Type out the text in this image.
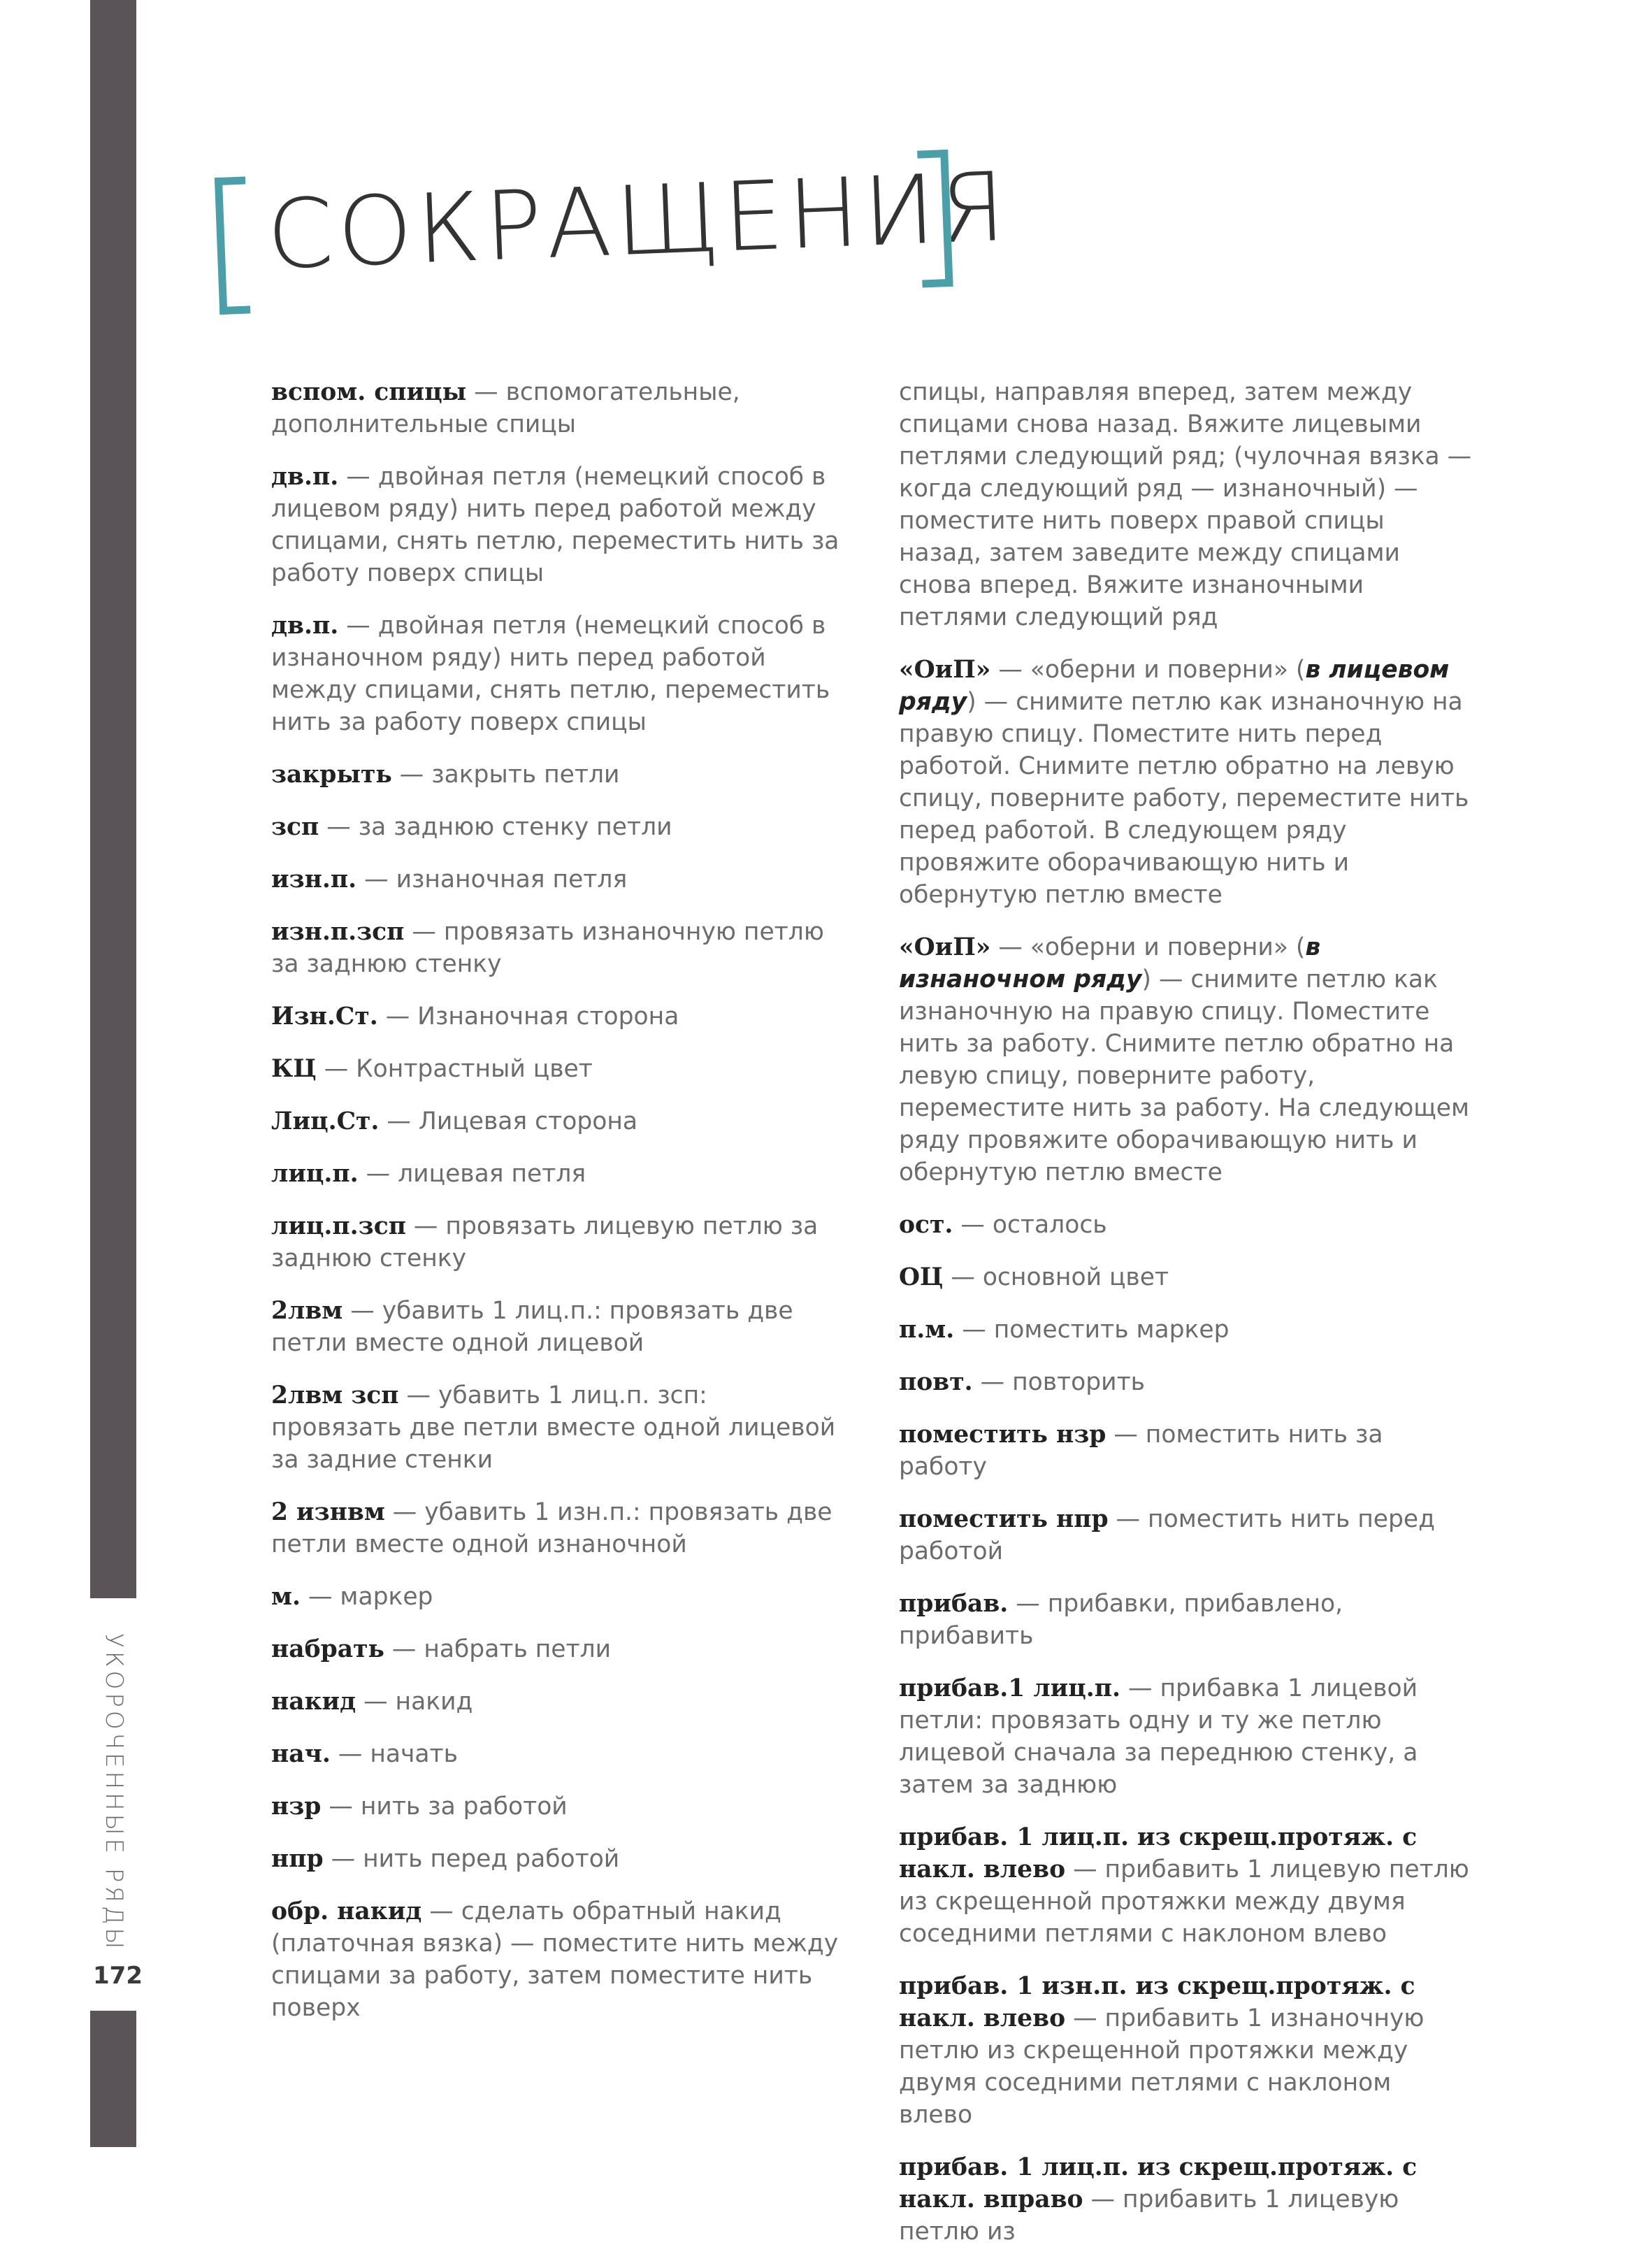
УКОРОЧЕННЫЕ РЯДЫ
172
СОКРАЩЕНИЯ

вспом. спицы — вспомогательные, дополнительные спицы

дв.п. — двойная петля (немецкий способ в лицевом ряду) нить перед работой между спицами, снять петлю, переместить нить за работу поверх спицы

дв.п. — двойная петля (немецкий способ в изнаночном ряду) нить перед работой между спицами, снять петлю, переместить нить за работу поверх спицы

закрыть — закрыть петли

зсп — за заднюю стенку петли

изн.п. — изнаночная петля

изн.п.зсп — провязать изнаночную петлю за заднюю стенку

Изн.Ст. — Изнаночная сторона

КЦ — Контрастный цвет

Лиц.Ст. — Лицевая сторона

лиц.п. — лицевая петля

лиц.п.зсп — провязать лицевую петлю за заднюю стенку

2лвм — убавить 1 лиц.п.: провязать две петли вместе одной лицевой

2лвм зсп — убавить 1 лиц.п. зсп: провязать две петли вместе одной лицевой за задние стенки

2 изнвм — убавить 1 изн.п.: провязать две петли вместе одной изнаночной

м. — маркер

набрать — набрать петли

накид — накид

нач. — начать

нзр — нить за работой

нпр — нить перед работой

обр. накид — сделать обратный накид (платочная вязка) — поместите нить между спицами за работу, затем поместите нить поверх

спицы, направляя вперед, затем между спицами снова назад. Вяжите лицевыми петлями следующий ряд; (чулочная вязка — когда следующий ряд — изнаночный) — поместите нить поверх правой спицы назад, затем заведите между спицами снова вперед. Вяжите изнаночными петлями следующий ряд

«ОиП» — «оберни и поверни» (в лицевом ряду) — снимите петлю как изнаночную на правую спицу. Поместите нить перед работой. Снимите петлю обратно на левую спицу, поверните работу, переместите нить перед работой. В следующем ряду провяжите оборачивающую нить и обернутую петлю вместе

«ОиП» — «оберни и поверни» (в изнаночном ряду) — снимите петлю как изнаночную на правую спицу. Поместите нить за работу. Снимите петлю обратно на левую спицу, поверните работу, переместите нить за работу. На следующем ряду провяжите оборачивающую нить и обернутую петлю вместе

ост. — осталось

ОЦ — основной цвет

п.м. — поместить маркер

повт. — повторить

поместить нзр — поместить нить за работу

поместить нпр — поместить нить перед работой

прибав. — прибавки, прибавлено, прибавить

прибав.1 лиц.п. — прибавка 1 лицевой петли: провязать одну и ту же петлю лицевой сначала за переднюю стенку, а затем за заднюю

прибав. 1 лиц.п. из скрещ.протяж. с накл. влево — прибавить 1 лицевую петлю из скрещенной протяжки между двумя соседними петлями с наклоном влево

прибав. 1 изн.п. из скрещ.протяж. с накл. влево — прибавить 1 изнаночную петлю из скрещенной протяжки между двумя соседними петлями с наклоном влево

прибав. 1 лиц.п. из скрещ.протяж. с накл. вправо — прибавить 1 лицевую петлю из
